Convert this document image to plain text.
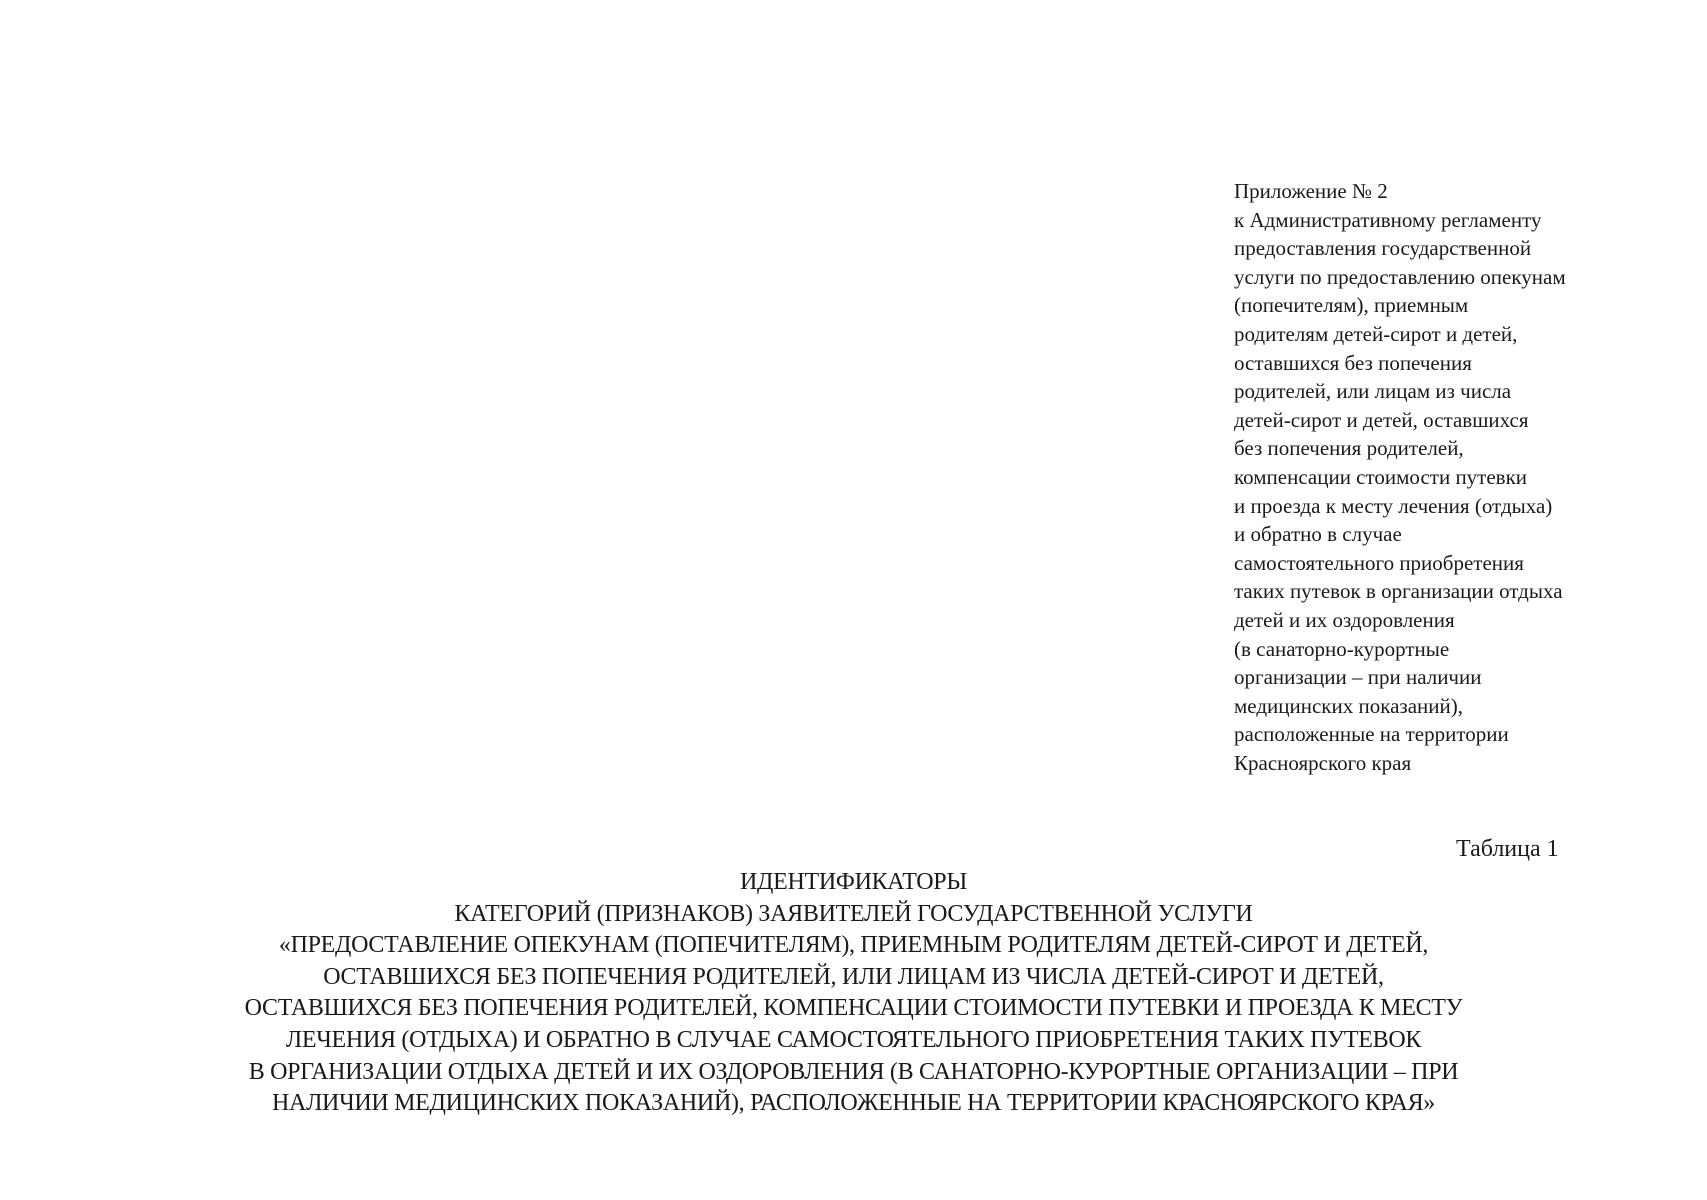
Приложение № 2
к Административному регламенту
предоставления государственной
услуги по предоставлению опекунам
(попечителям), приемным
родителям детей-сирот и детей,
оставшихся без попечения
родителей, или лицам из числа
детей-сирот и детей, оставшихся
без попечения родителей,
компенсации стоимости путевки
и проезда к месту лечения (отдыха)
и обратно в случае
самостоятельного приобретения
таких путевок в организации отдыха
детей и их оздоровления
(в санаторно-курортные
организации – при наличии
медицинских показаний),
расположенные на территории
Красноярского края
Таблица 1
ИДЕНТИФИКАТОРЫ
КАТЕГОРИЙ (ПРИЗНАКОВ) ЗАЯВИТЕЛЕЙ ГОСУДАРСТВЕННОЙ УСЛУГИ
«ПРЕДОСТАВЛЕНИЕ ОПЕКУНАМ (ПОПЕЧИТЕЛЯМ), ПРИЕМНЫМ РОДИТЕЛЯМ ДЕТЕЙ-СИРОТ И ДЕТЕЙ,
ОСТАВШИХСЯ БЕЗ ПОПЕЧЕНИЯ РОДИТЕЛЕЙ, ИЛИ ЛИЦАМ ИЗ ЧИСЛА ДЕТЕЙ-СИРОТ И ДЕТЕЙ,
ОСТАВШИХСЯ БЕЗ ПОПЕЧЕНИЯ РОДИТЕЛЕЙ, КОМПЕНСАЦИИ СТОИМОСТИ ПУТЕВКИ И ПРОЕЗДА К МЕСТУ
ЛЕЧЕНИЯ (ОТДЫХА) И ОБРАТНО В СЛУЧАЕ САМОСТОЯТЕЛЬНОГО ПРИОБРЕТЕНИЯ ТАКИХ ПУТЕВОК
В ОРГАНИЗАЦИИ ОТДЫХА ДЕТЕЙ И ИХ ОЗДОРОВЛЕНИЯ (В САНАТОРНО-КУРОРТНЫЕ ОРГАНИЗАЦИИ – ПРИ
НАЛИЧИИ МЕДИЦИНСКИХ ПОКАЗАНИЙ), РАСПОЛОЖЕННЫЕ НА ТЕРРИТОРИИ КРАСНОЯРСКОГО КРАЯ»
